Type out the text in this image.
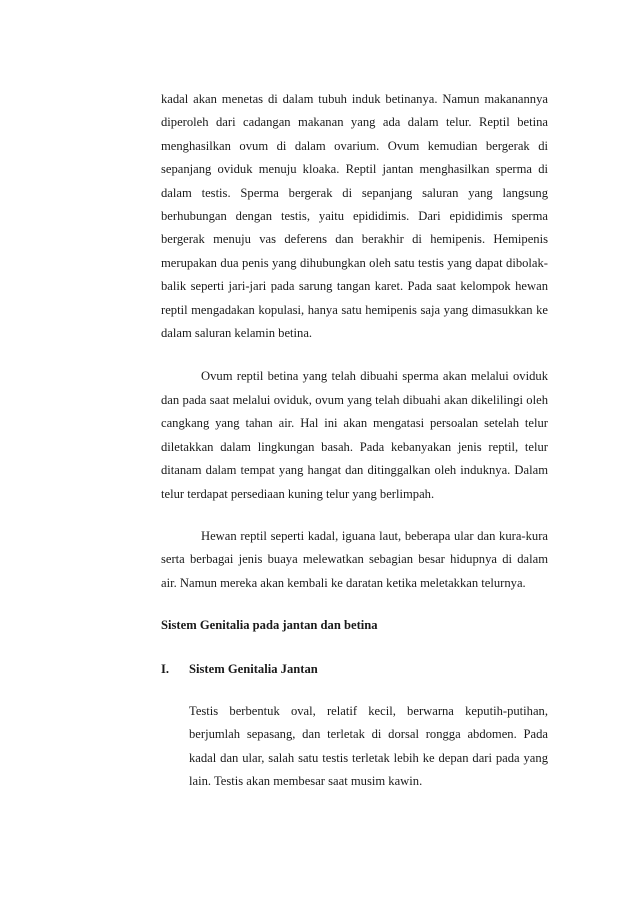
kadal akan menetas di dalam tubuh induk betinanya. Namun makanannya diperoleh dari cadangan makanan yang ada dalam telur. Reptil betina menghasilkan ovum di dalam ovarium. Ovum kemudian bergerak di sepanjang oviduk menuju kloaka. Reptil jantan menghasilkan sperma di dalam testis. Sperma bergerak di sepanjang saluran yang langsung berhubungan dengan testis, yaitu epididimis. Dari epididimis sperma bergerak menuju vas deferens dan berakhir di hemipenis. Hemipenis merupakan dua penis yang dihubungkan oleh satu testis yang dapat dibolak-balik seperti jari-jari pada sarung tangan karet. Pada saat kelompok hewan reptil mengadakan kopulasi, hanya satu hemipenis saja yang dimasukkan ke dalam saluran kelamin betina.

Ovum reptil betina yang telah dibuahi sperma akan melalui oviduk dan pada saat melalui oviduk, ovum yang telah dibuahi akan dikelilingi oleh cangkang yang tahan air. Hal ini akan mengatasi persoalan setelah telur diletakkan dalam lingkungan basah. Pada kebanyakan jenis reptil, telur ditanam dalam tempat yang hangat dan ditinggalkan oleh induknya. Dalam telur terdapat persediaan kuning telur yang berlimpah.

Hewan reptil seperti kadal, iguana laut, beberapa ular dan kura-kura serta berbagai jenis buaya melewatkan sebagian besar hidupnya di dalam air. Namun mereka akan kembali ke daratan ketika meletakkan telurnya.

Sistem Genitalia pada jantan dan betina

I.	Sistem Genitalia Jantan

Testis berbentuk oval, relatif kecil, berwarna keputih-putihan, berjumlah sepasang, dan terletak di dorsal rongga abdomen. Pada kadal dan ular, salah satu testis terletak lebih ke depan dari pada yang lain. Testis akan membesar saat musim kawin.
